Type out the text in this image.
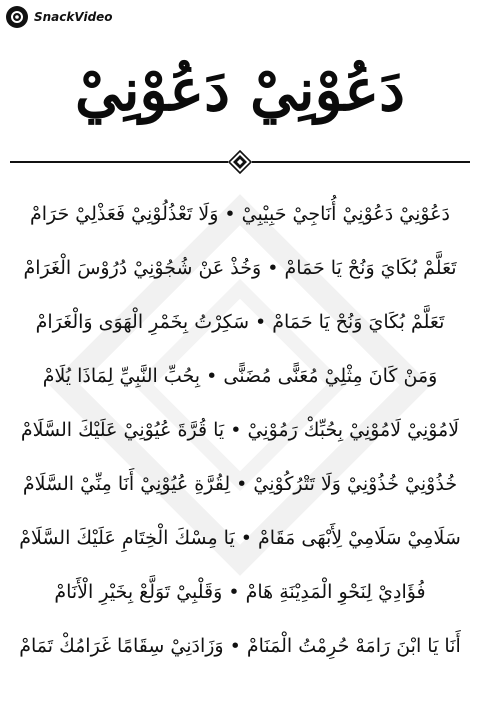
SnackVideo
دَعُوْنِيْ دَعُوْنِيْ
دَعُوْنِيْ دَعُوْنِيْ أُنَاجِيْ حَبِيْبِيْ • وَلَا تَعْذُلُوْنِيْ فَعَذْلِيْ حَرَامْ
تَعَلَّمْ بُكَايَ وَنُحْ يَا حَمَامْ • وَخُذْ عَنْ شُجُوْنِيْ دُرُوْسَ الْغَرَامْ
تَعَلَّمْ بُكَايَ وَنُحْ يَا حَمَامْ • سَكِرْتُ بِخَمْرِ الْهَوَى وَالْغَرَامْ
وَمَنْ كَانَ مِثْلِيْ مُعَنًّى مُضَنًّى • بِحُبِّ النَّبِيِّ لِمَاذَا يُلَامْ
لَامُوْنِيْ لَامُوْنِيْ بِحُبِّكْ رَمُوْنِيْ • يَا قُرَّةَ عُيُوْنِيْ عَلَيْكَ السَّلَامْ
خُذُوْنِيْ خُذُوْنِيْ وَلَا تَتْرُكُوْنِيْ • لِقُرَّةِ عُيُوْنِيْ أَنَا مِنِّيْ السَّلَامْ
سَلَامِيْ سَلَامِيْ لِأَبْهَى مَقَامْ • يَا مِسْكَ الْخِتَامِ عَلَيْكَ السَّلَامْ
فُؤَادِيْ لِنَحْوِ الْمَدِيْنَةِ هَامْ • وَقَلْبِيْ تَوَلَّعْ بِخَيْرِ الْأَنَامْ
أَنَا يَا ابْنَ رَامَهْ حُرِمْتُ الْمَنَامْ • وَزَادَنِيْ سِقَامًا غَرَامُكْ تَمَامْ
